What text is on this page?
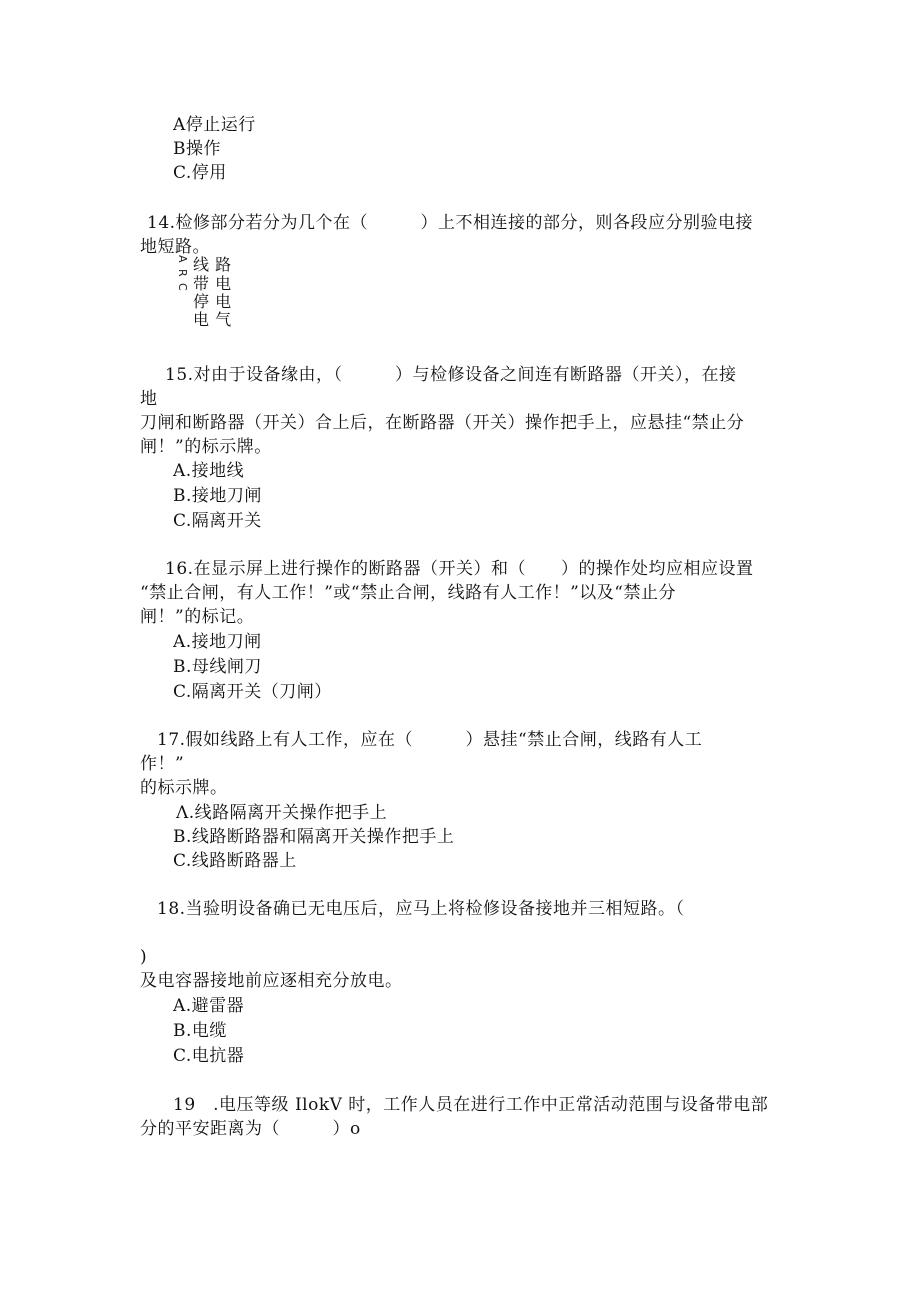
A停止运行
B操作
C.停用
14.检修部分若分为几个在（　　　）上不相连接的部分，则各段应分别验电接
地短路。
A
R
C
线 路
带 电
停 电
电 气
15.对由于设备缘由，（　　　）与检修设备之间连有断路器（开关），在接
地
刀闸和断路器（开关）合上后，在断路器（开关）操作把手上，应悬挂“禁止分
闸！”的标示牌。
A.接地线
B.接地刀闸
C.隔离开关
16.在显示屏上进行操作的断路器（开关）和（　　）的操作处均应相应设置
“禁止合闸，有人工作！”或“禁止合闸，线路有人工作！”以及“禁止分
闸！”的标记。
A.接地刀闸
B.母线闸刀
C.隔离开关（刀闸）
17.假如线路上有人工作，应在（　　　）悬挂“禁止合闸，线路有人工
作！”
的标示牌。
Λ.线路隔离开关操作把手上
B.线路断路器和隔离开关操作把手上
C.线路断路器上
18.当验明设备确已无电压后，应马上将检修设备接地并三相短路。（
)
及电容器接地前应逐相充分放电。
A.避雷器
B.电缆
C.电抗器
19　.电压等级 IlokV 时，工作人员在进行工作中正常活动范围与设备带电部
分的平安距离为（　　　）o
